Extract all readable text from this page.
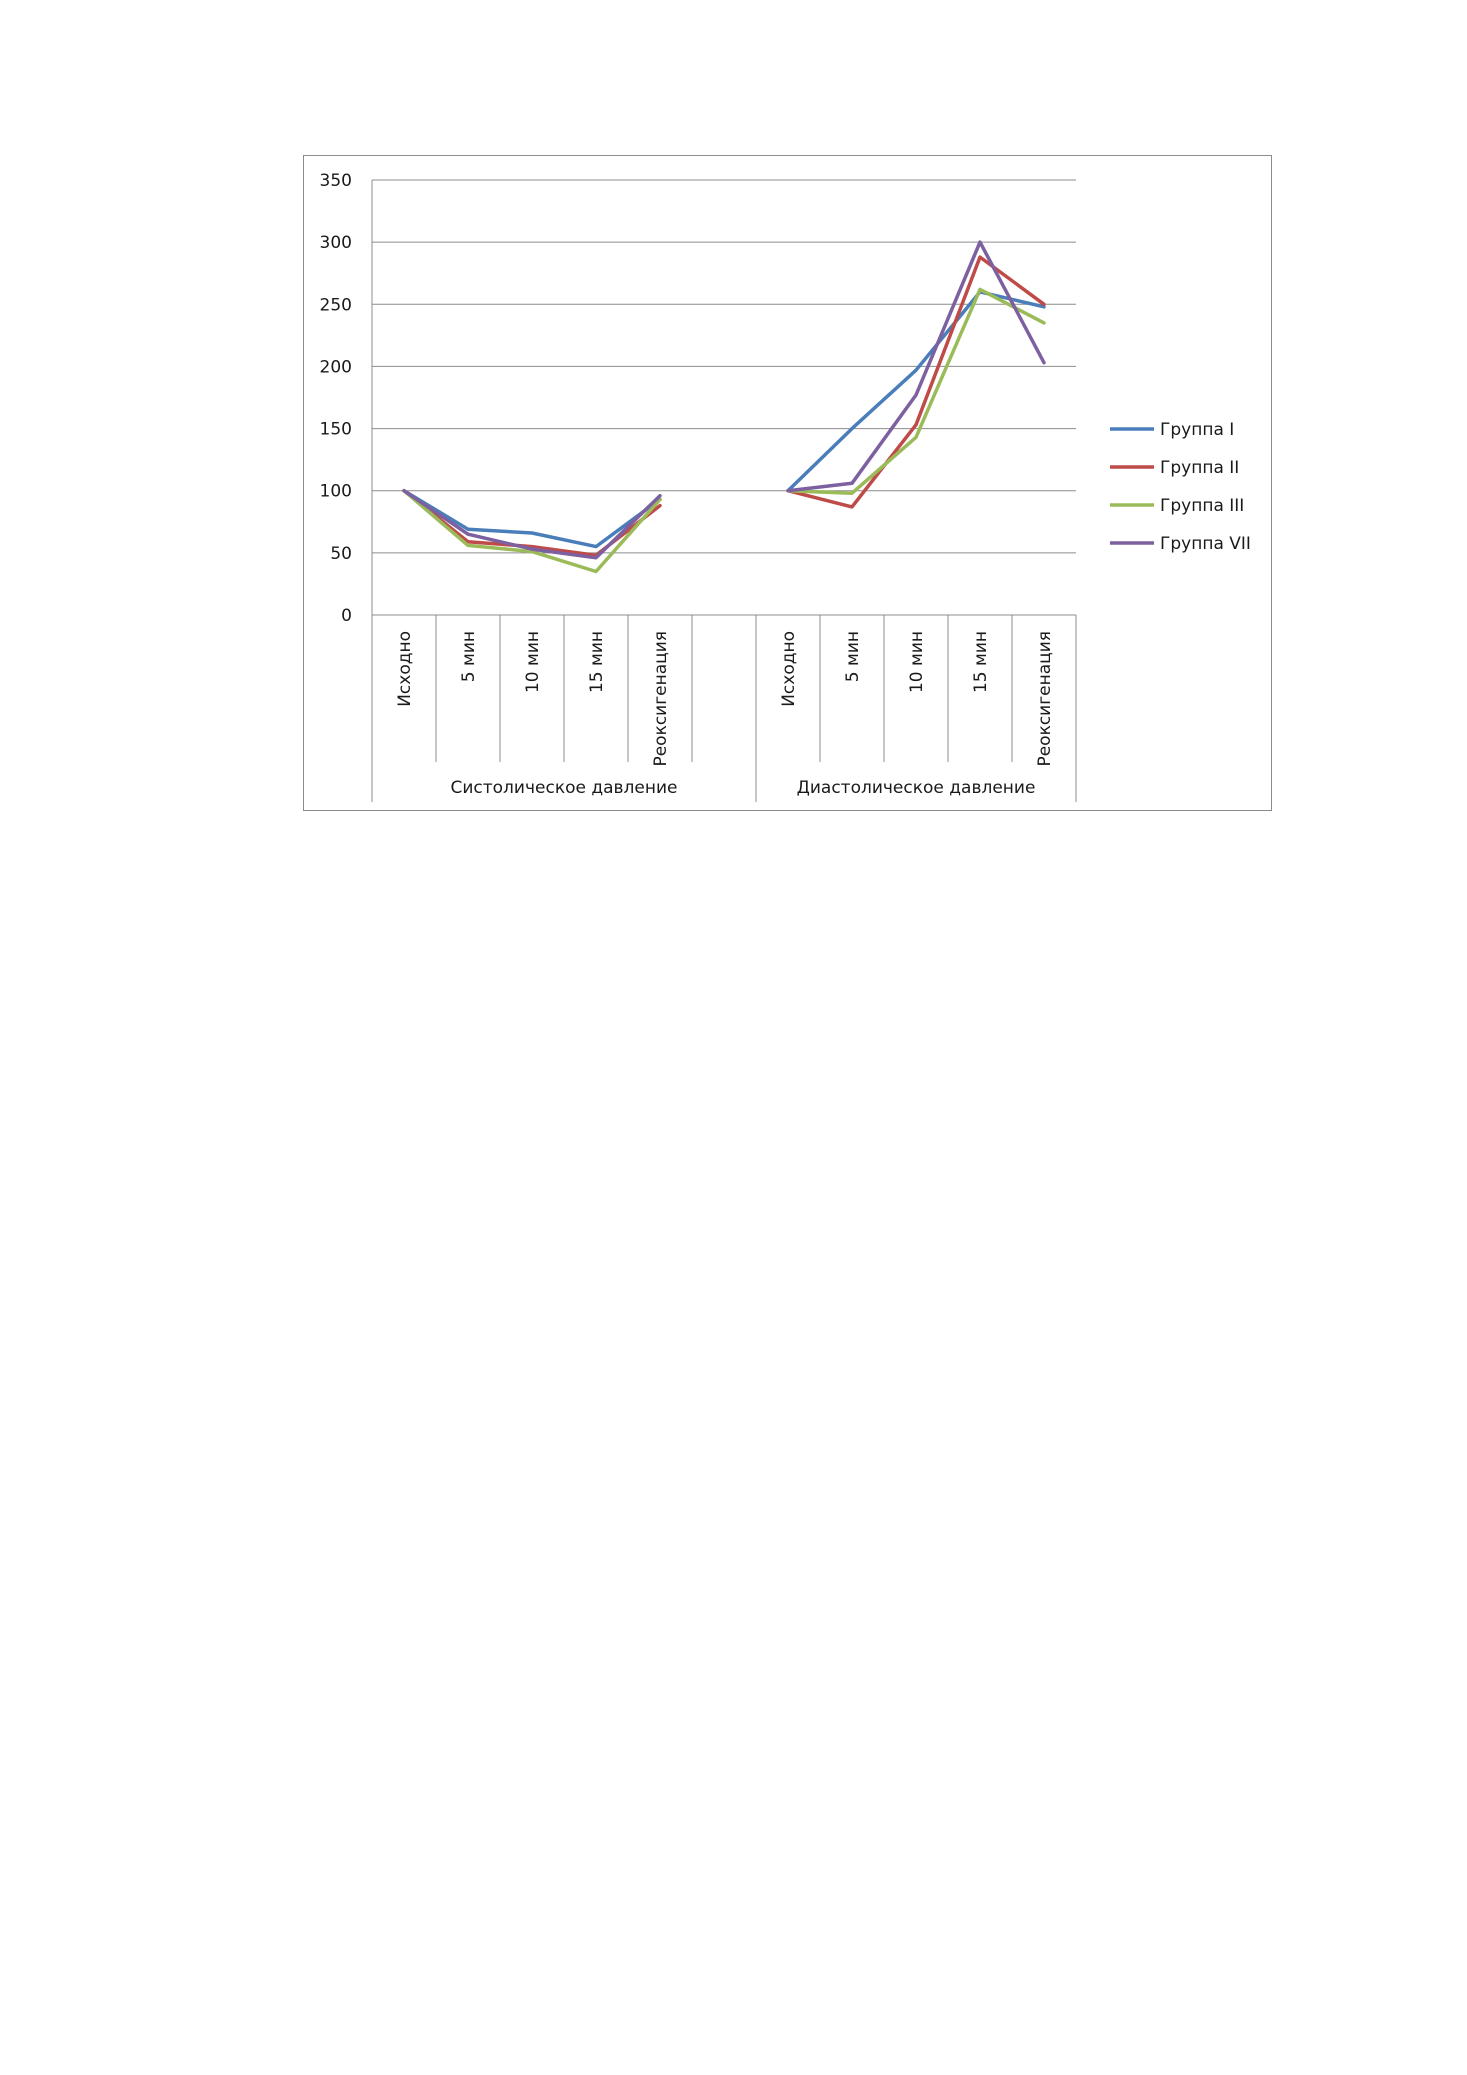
0
50
100
150
200
250
300
350
Исходно	5 мин	10 мин	15 мин	Реоксигенация
Систолическое давление
Исходно	5 мин	10 мин	15 мин	Реоксигенация
Диастолическое давление
Группа I
Группа II
Группа III
Группа VII
